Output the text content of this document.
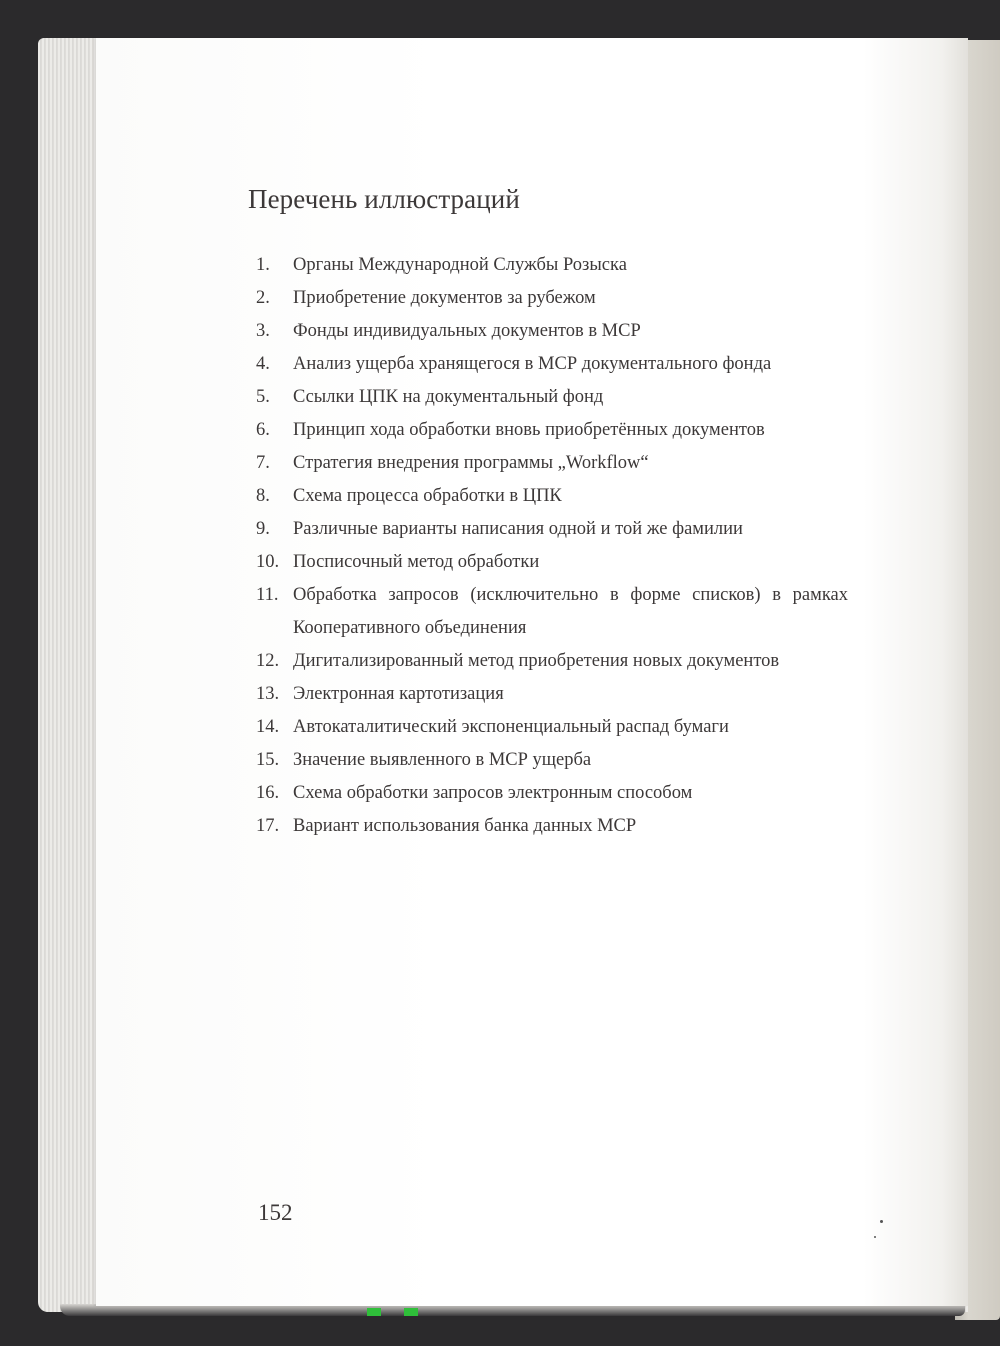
Перечень иллюстраций
1.	Органы Международной Службы Розыска
2.	Приобретение документов за рубежом
3.	Фонды индивидуальных документов в МСР
4.	Анализ ущерба хранящегося в МСР документального фонда
5.	Ссылки ЦПК на документальный фонд
6.	Принцип хода обработки вновь приобретённых документов
7.	Стратегия внедрения программы „Workflow“
8.	Схема процесса обработки в ЦПК
9.	Различные варианты написания одной и той же фамилии
10. Посписочный метод обработки
11. Обработка запросов (исключительно в форме списков) в рамках Кооперативного объединения
12. Дигитализированный метод приобретения новых документов
13. Электронная картотизация
14. Автокаталитический экспоненциальный распад бумаги
15. Значение выявленного в МСР ущерба
16. Схема обработки запросов электронным способом
17. Вариант использования банка данных МСР
152
